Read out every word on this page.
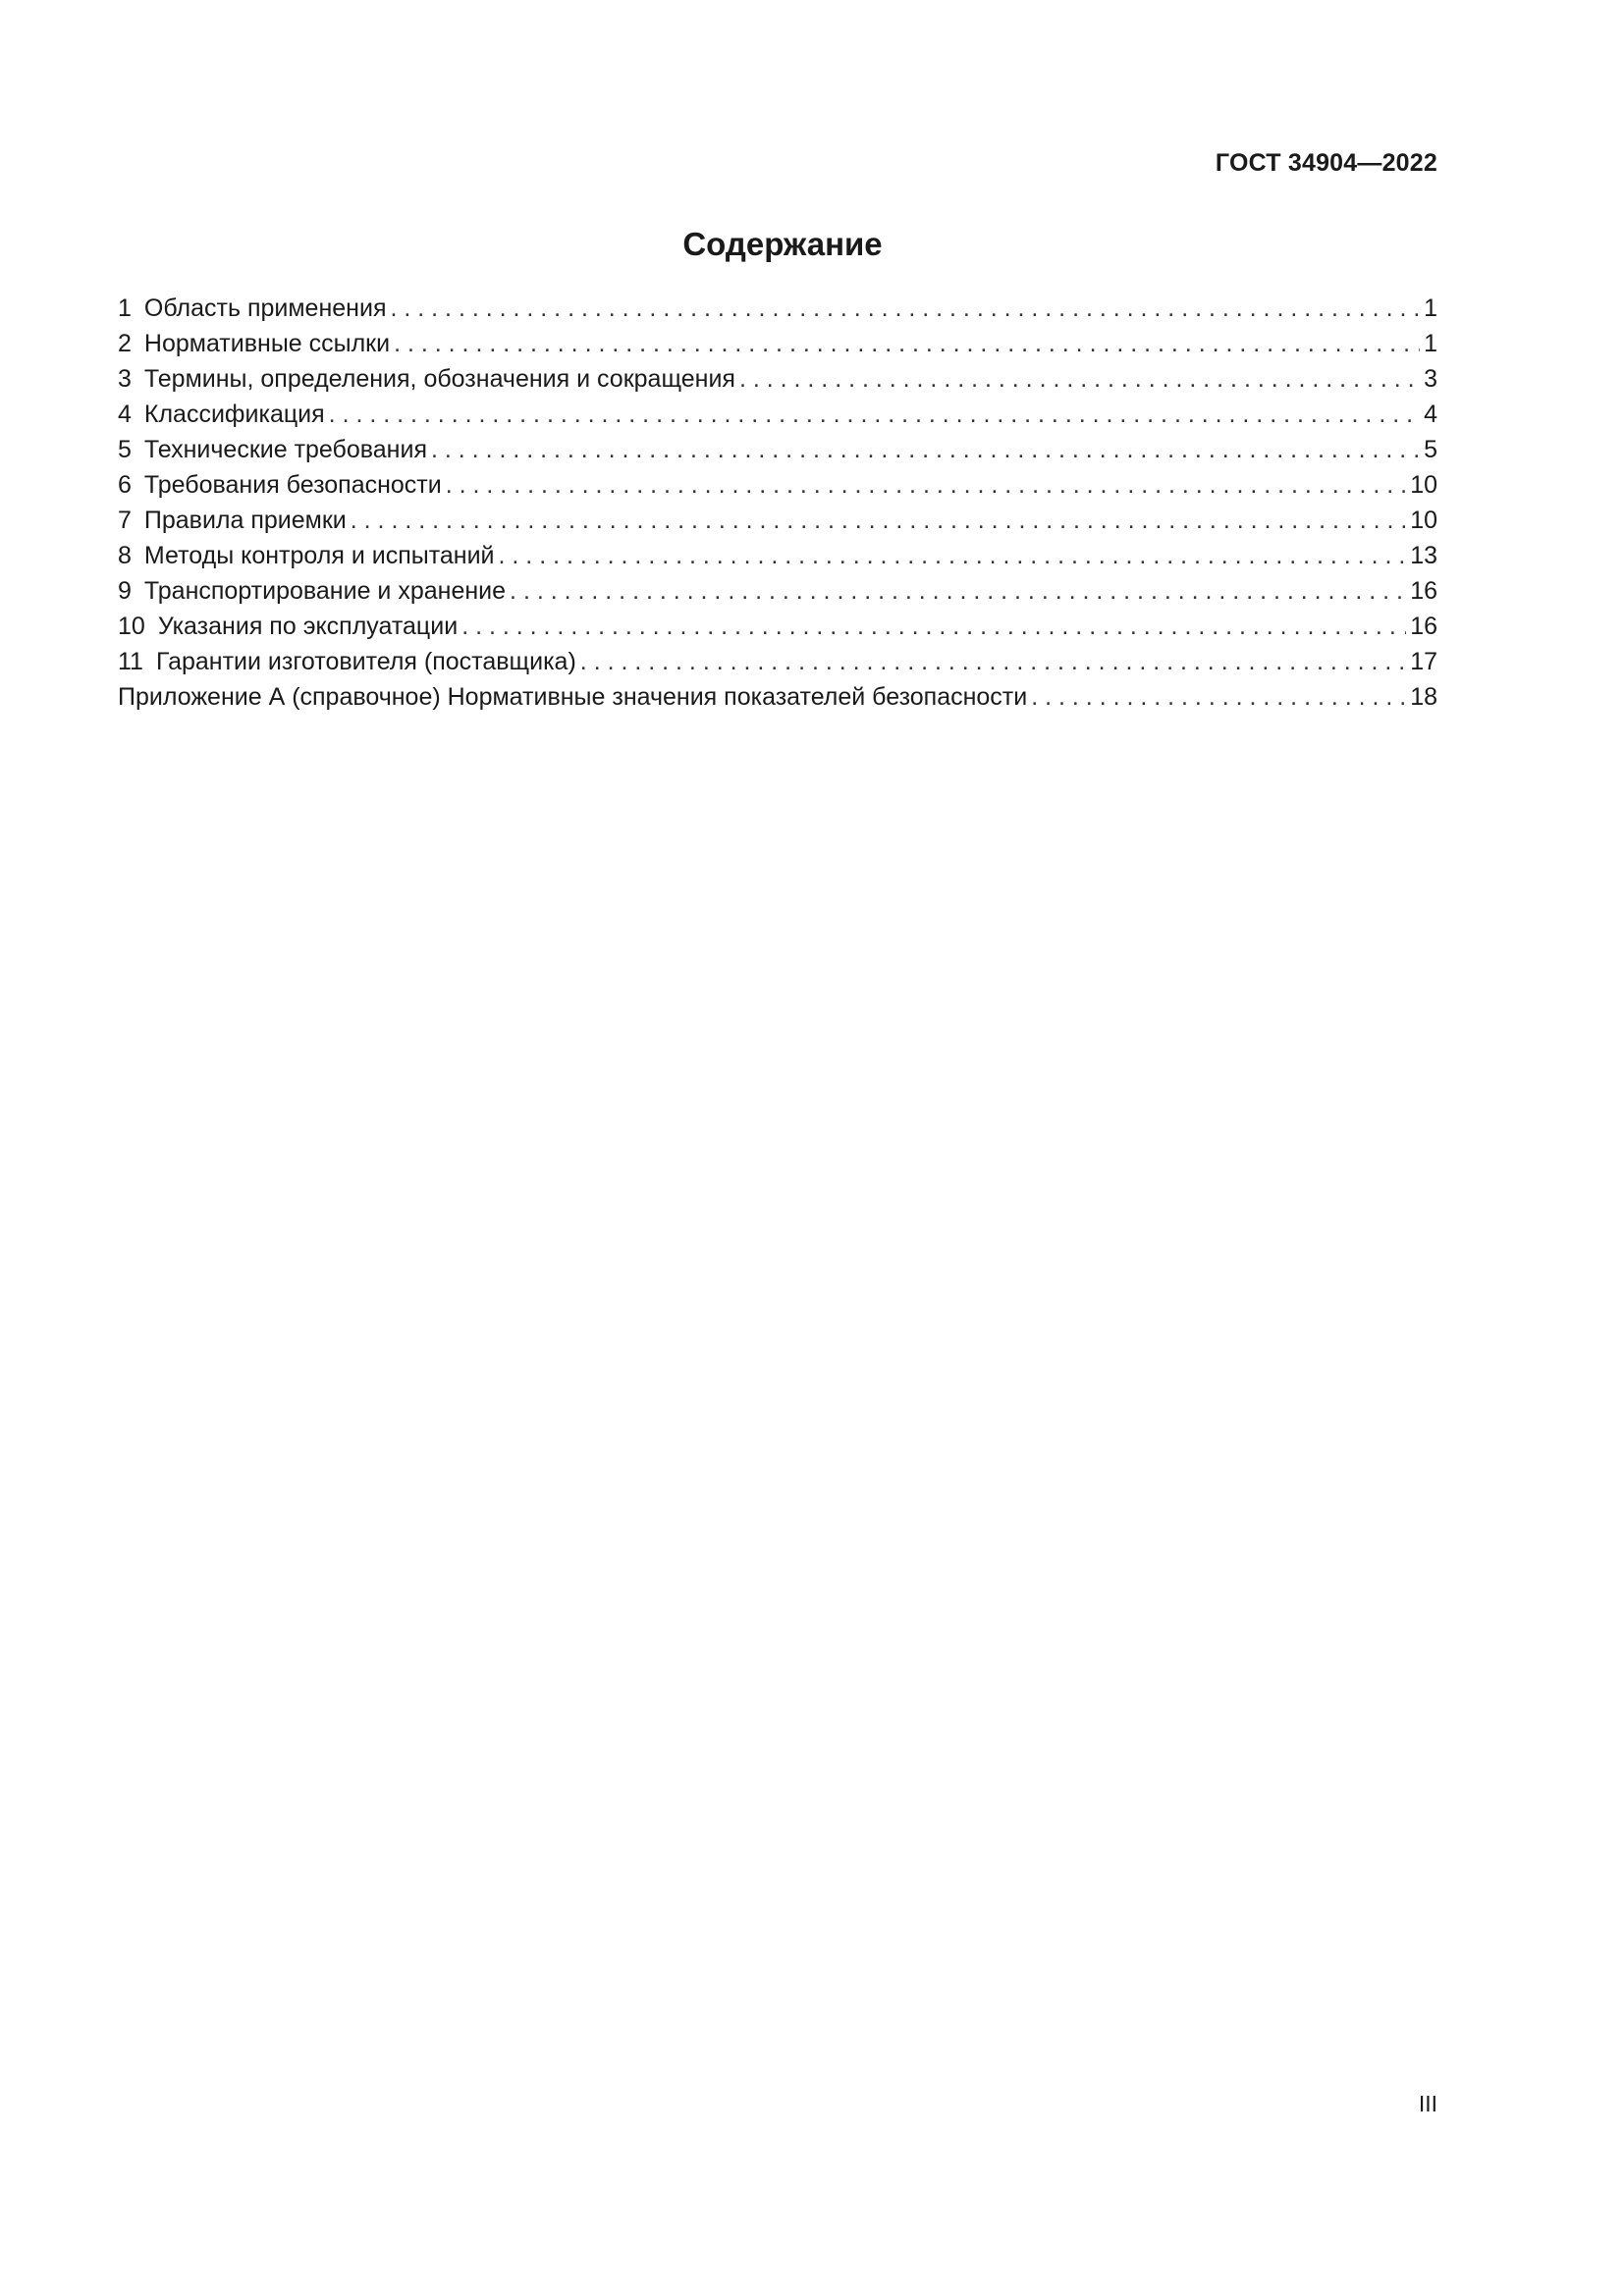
ГОСТ 34904—2022
Содержание
1 Область применения . . .	1
2 Нормативные ссылки . . .	1
3 Термины, определения, обозначения и сокращения . . .	3
4 Классификация . . .	4
5 Технические требования . . .	5
6 Требования безопасности . . .	10
7 Правила приемки . . .	10
8 Методы контроля и испытаний . . .	13
9 Транспортирование и хранение . . .	16
10 Указания по эксплуатации . . .	16
11 Гарантии изготовителя (поставщика) . . .	17
Приложение А (справочное) Нормативные значения показателей безопасности . . .	18
III
